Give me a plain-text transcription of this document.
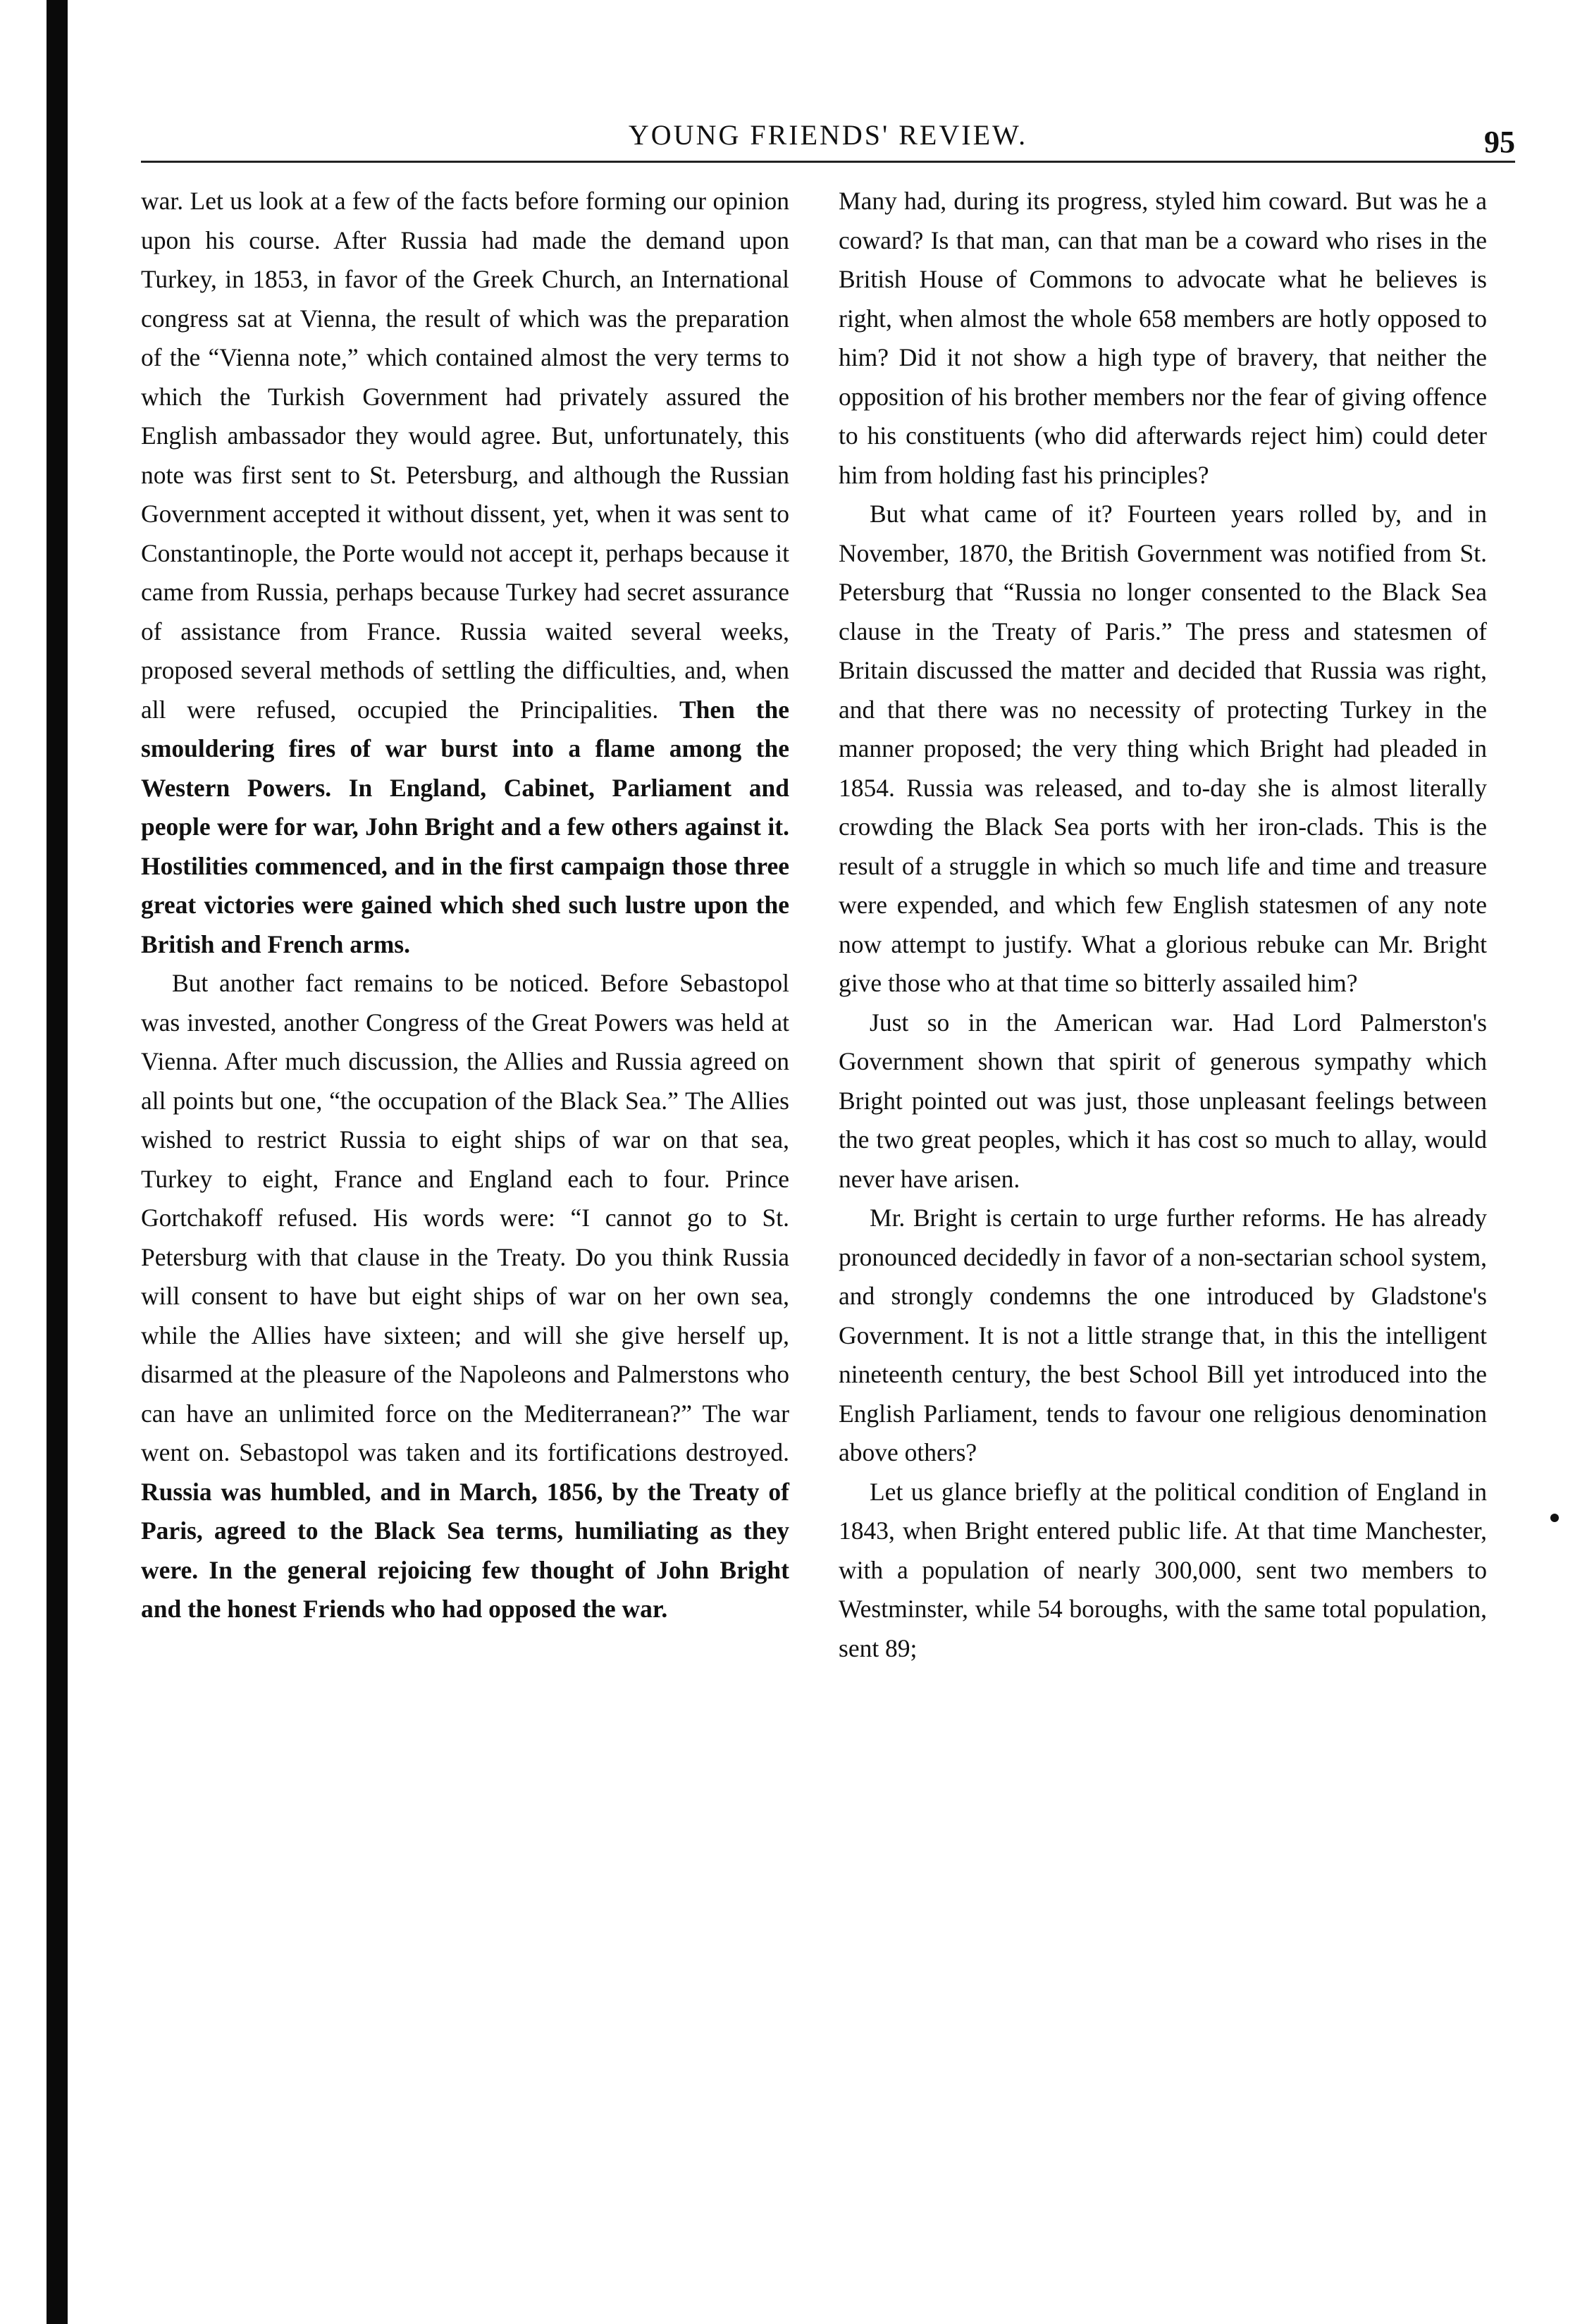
YOUNG FRIENDS' REVIEW.	95

war. Let us look at a few of the facts before forming our opinion upon his course. After Russia had made the demand upon Turkey, in 1853, in favor of the Greek Church, an International congress sat at Vienna, the result of which was the preparation of the “Vienna note,” which contained almost the very terms to which the Turkish Government had privately assured the English ambassador they would agree. But, unfortunately, this note was first sent to St. Petersburg, and although the Russian Government accepted it without dissent, yet, when it was sent to Constantinople, the Porte would not accept it, perhaps because it came from Russia, perhaps because Turkey had secret assurance of assistance from France. Russia waited several weeks, proposed several methods of settling the difficulties, and, when all were refused, occupied the Principalities. Then the smouldering fires of war burst into a flame among the Western Powers. In England, Cabinet, Parliament and people were for war, John Bright and a few others against it. Hostilities commenced, and in the first campaign those three great victories were gained which shed such lustre upon the British and French arms.

But another fact remains to be noticed. Before Sebastopol was invested, another Congress of the Great Powers was held at Vienna. After much discussion, the Allies and Russia agreed on all points but one, “the occupation of the Black Sea.” The Allies wished to restrict Russia to eight ships of war on that sea, Turkey to eight, France and England each to four. Prince Gortchakoff refused. His words were: “I cannot go to St. Petersburg with that clause in the Treaty. Do you think Russia will consent to have but eight ships of war on her own sea, while the Allies have sixteen; and will she give herself up, disarmed at the pleasure of the Napoleons and Palmerstons who can have an unlimited force on the Mediterranean?” The war went on. Sebastopol was taken and its fortifications destroyed. Russia was humbled, and in March, 1856, by the Treaty of Paris, agreed to the Black Sea terms, humiliating as they were. In the general rejoicing few thought of John Bright and the honest Friends who had opposed the war.

Many had, during its progress, styled him coward. But was he a coward? Is that man, can that man be a coward who rises in the British House of Commons to advocate what he believes is right, when almost the whole 658 members are hotly opposed to him? Did it not show a high type of bravery, that neither the opposition of his brother members nor the fear of giving offence to his constituents (who did afterwards reject him) could deter him from holding fast his principles?

But what came of it? Fourteen years rolled by, and in November, 1870, the British Government was notified from St. Petersburg that “Russia no longer consented to the Black Sea clause in the Treaty of Paris.” The press and statesmen of Britain discussed the matter and decided that Russia was right, and that there was no necessity of protecting Turkey in the manner proposed; the very thing which Bright had pleaded in 1854. Russia was released, and to-day she is almost literally crowding the Black Sea ports with her iron-clads. This is the result of a struggle in which so much life and time and treasure were expended, and which few English statesmen of any note now attempt to justify. What a glorious rebuke can Mr. Bright give those who at that time so bitterly assailed him?

Just so in the American war. Had Lord Palmerston's Government shown that spirit of generous sympathy which Bright pointed out was just, those unpleasant feelings between the two great peoples, which it has cost so much to allay, would never have arisen.

Mr. Bright is certain to urge further reforms. He has already pronounced decidedly in favor of a non-sectarian school system, and strongly condemns the one introduced by Gladstone's Government. It is not a little strange that, in this the intelligent nineteenth century, the best School Bill yet introduced into the English Parliament, tends to favour one religious denomination above others?

Let us glance briefly at the political condition of England in 1843, when Bright entered public life. At that time Manchester, with a population of nearly 300,000, sent two members to Westminster, while 54 boroughs, with the same total population, sent 89;
